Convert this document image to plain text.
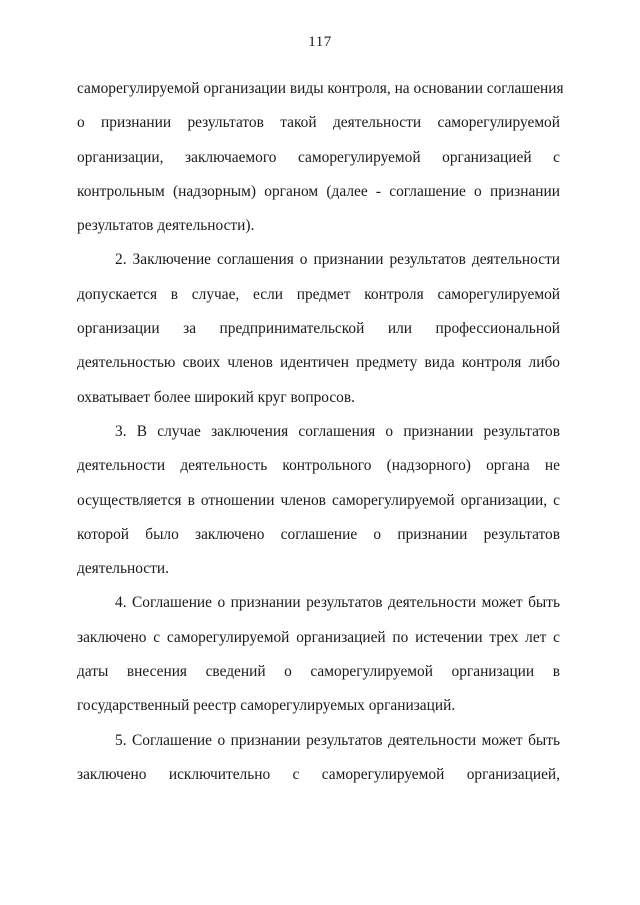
117

саморегулируемой организации виды контроля, на основании соглашения
о признании результатов такой деятельности саморегулируемой
организации, заключаемого саморегулируемой организацией с
контрольным (надзорным) органом (далее - соглашение о признании
результатов деятельности).

2. Заключение соглашения о признании результатов деятельности
допускается в случае, если предмет контроля саморегулируемой
организации за предпринимательской или профессиональной
деятельностью своих членов идентичен предмету вида контроля либо
охватывает более широкий круг вопросов.

3. В случае заключения соглашения о признании результатов
деятельности деятельность контрольного (надзорного) органа не
осуществляется в отношении членов саморегулируемой организации, с
которой было заключено соглашение о признании результатов
деятельности.

4. Соглашение о признании результатов деятельности может быть
заключено с саморегулируемой организацией по истечении трех лет с
даты внесения сведений о саморегулируемой организации в
государственный реестр саморегулируемых организаций.

5. Соглашение о признании результатов деятельности может быть
заключено исключительно с саморегулируемой организацией,
